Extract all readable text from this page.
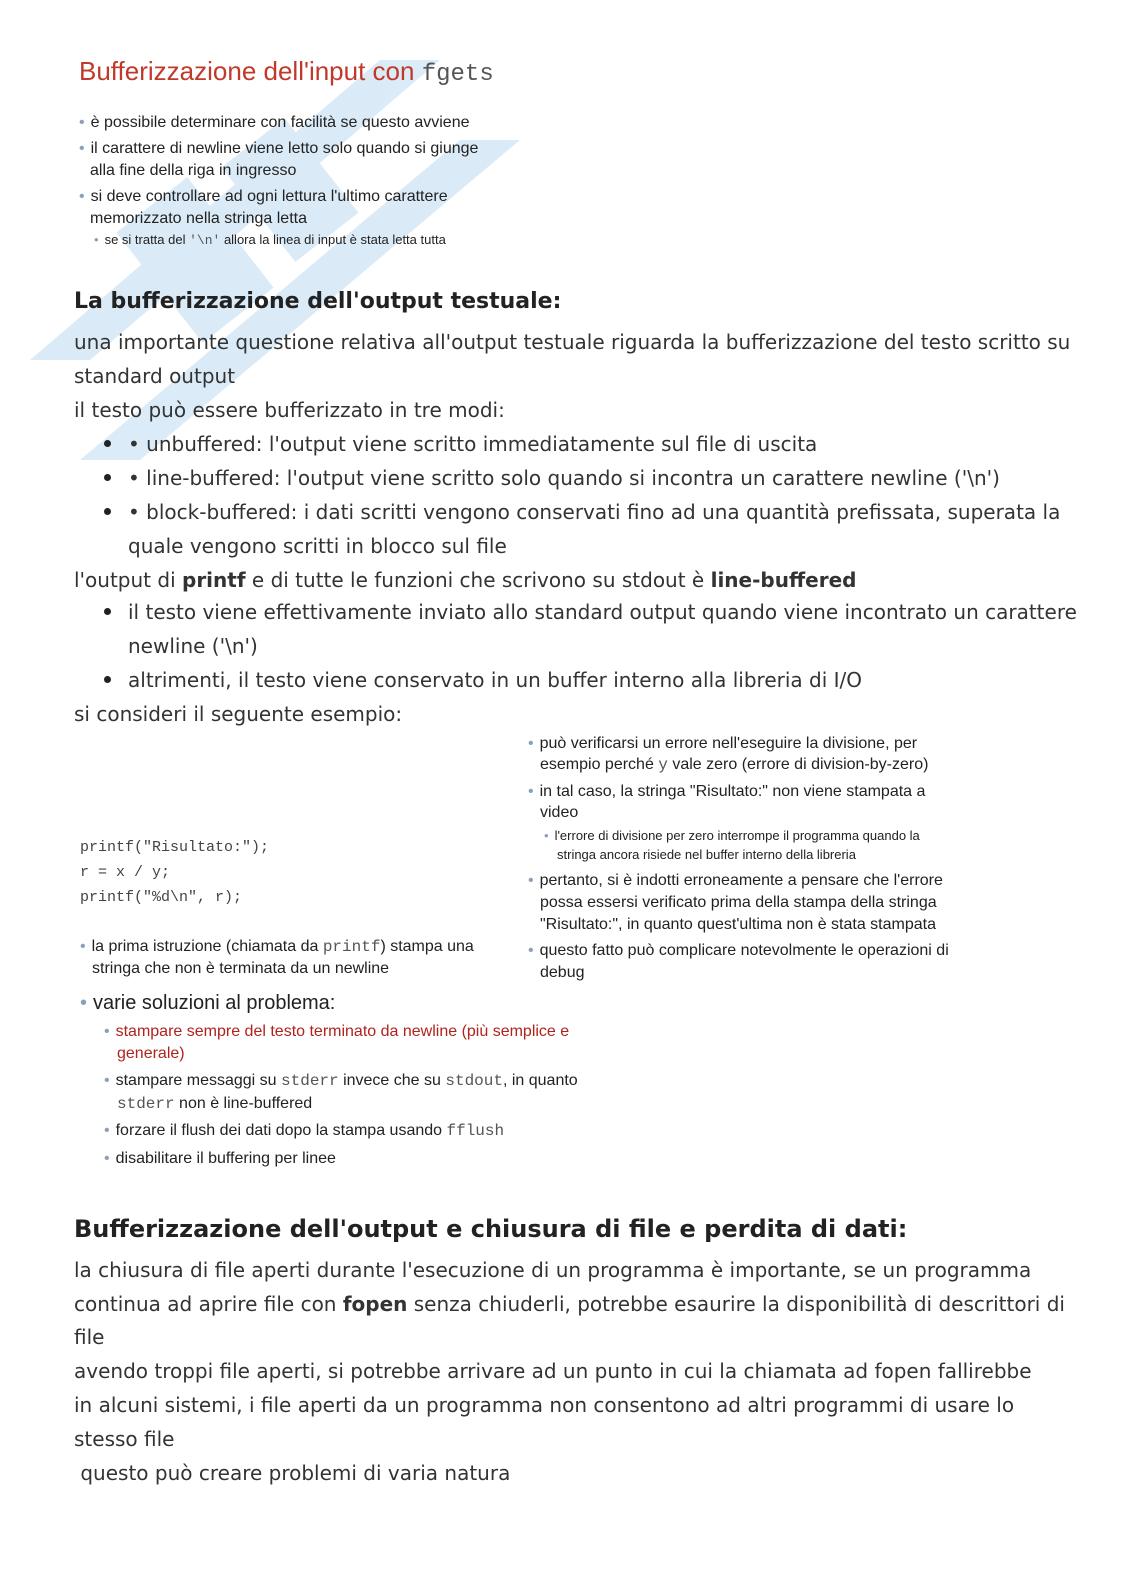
Bufferizzazione dell'input con fgets
• è possibile determinare con facilità se questo avviene
• il carattere di newline viene letto solo quando si giunge
alla fine della riga in ingresso
• si deve controllare ad ogni lettura l'ultimo carattere
memorizzato nella stringa letta
• se si tratta del '\n' allora la linea di input è stata letta tutta
La bufferizzazione dell'output testuale:
una importante questione relativa all'output testuale riguarda la bufferizzazione del testo scritto su
standard output
il testo può essere bufferizzato in tre modi:
• unbuffered: l'output viene scritto immediatamente sul file di uscita
• line-buffered: l'output viene scritto solo quando si incontra un carattere newline ('\n')
• block-buffered: i dati scritti vengono conservati fino ad una quantità prefissata, superata la
quale vengono scritti in blocco sul file
l'output di printf e di tutte le funzioni che scrivono su stdout è line-buffered
il testo viene effettivamente inviato allo standard output quando viene incontrato un carattere
newline ('\n')
altrimenti, il testo viene conservato in un buffer interno alla libreria di I/O
si consideri il seguente esempio:
printf("Risultato:");
r = x / y;
printf("%d\n", r);
• la prima istruzione (chiamata da printf) stampa una
stringa che non è terminata da un newline
• può verificarsi un errore nell'eseguire la divisione, per
esempio perché y vale zero (errore di division-by-zero)
• in tal caso, la stringa "Risultato:" non viene stampata a
video
• l'errore di divisione per zero interrompe il programma quando la
stringa ancora risiede nel buffer interno della libreria
• pertanto, si è indotti erroneamente a pensare che l'errore
possa essersi verificato prima della stampa della stringa
"Risultato:", in quanto quest'ultima non è stata stampata
• questo fatto può complicare notevolmente le operazioni di
debug
• varie soluzioni al problema:
• stampare sempre del testo terminato da newline (più semplice e
generale)
• stampare messaggi su stderr invece che su stdout, in quanto
stderr non è line-buffered
• forzare il flush dei dati dopo la stampa usando fflush
• disabilitare il buffering per linee
Bufferizzazione dell'output e chiusura di file e perdita di dati:
la chiusura di file aperti durante l'esecuzione di un programma è importante, se un programma
continua ad aprire file con fopen senza chiuderli, potrebbe esaurire la disponibilità di descrittori di
file
avendo troppi file aperti, si potrebbe arrivare ad un punto in cui la chiamata ad fopen fallirebbe
in alcuni sistemi, i file aperti da un programma non consentono ad altri programmi di usare lo
stesso file
questo può creare problemi di varia natura
